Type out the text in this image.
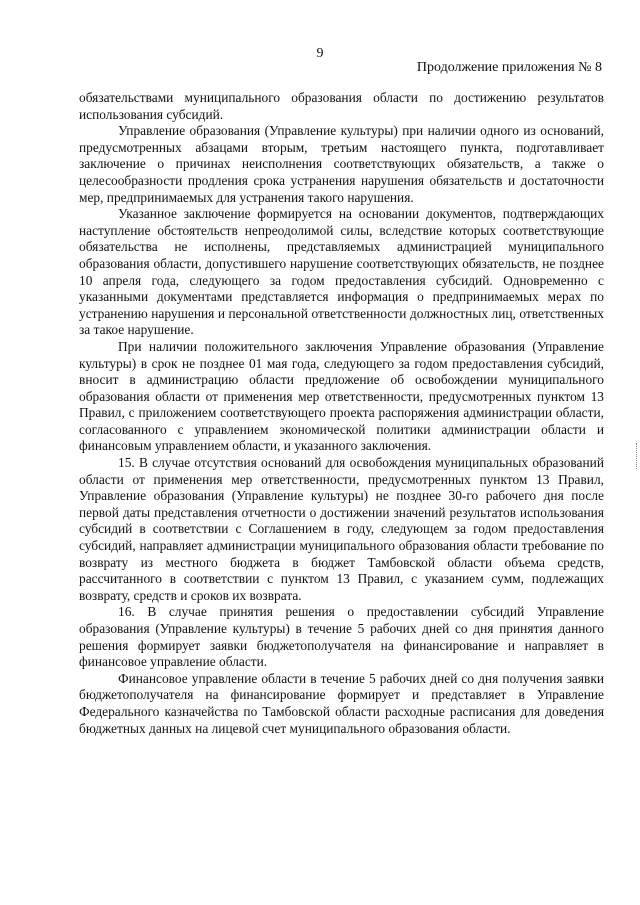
9
Продолжение приложения № 8

обязательствами муниципального образования области по достижению результатов использования субсидий.

Управление образования (Управление культуры) при наличии одного из оснований, предусмотренных абзацами вторым, третьим настоящего пункта, подготавливает заключение о причинах неисполнения соответствующих обязательств, а также о целесообразности продления срока устранения нарушения обязательств и достаточности мер, предпринимаемых для устранения такого нарушения.

Указанное заключение формируется на основании документов, подтверждающих наступление обстоятельств непреодолимой силы, вследствие которых соответствующие обязательства не исполнены, представляемых администрацией муниципального образования области, допустившего нарушение соответствующих обязательств, не позднее 10 апреля года, следующего за годом предоставления субсидий. Одновременно с указанными документами представляется информация о предпринимаемых мерах по устранению нарушения и персональной ответственности должностных лиц, ответственных за такое нарушение.

При наличии положительного заключения Управление образования (Управление культуры) в срок не позднее 01 мая года, следующего за годом предоставления субсидий, вносит в администрацию области предложение об освобождении муниципального образования области от применения мер ответственности, предусмотренных пунктом 13 Правил, с приложением соответствующего проекта распоряжения администрации области, согласованного с управлением экономической политики администрации области и финансовым управлением области, и указанного заключения.

15. В случае отсутствия оснований для освобождения муниципальных образований области от применения мер ответственности, предусмотренных пунктом 13 Правил, Управление образования (Управление культуры) не позднее 30-го рабочего дня после первой даты представления отчетности о достижении значений результатов использования субсидий в соответствии с Соглашением в году, следующем за годом предоставления субсидий, направляет администрации муниципального образования области требование по возврату из местного бюджета в бюджет Тамбовской области объема средств, рассчитанного в соответствии с пунктом 13 Правил, с указанием сумм, подлежащих возврату, средств и сроков их возврата.

16. В случае принятия решения о предоставлении субсидий Управление образования (Управление культуры) в течение 5 рабочих дней со дня принятия данного решения формирует заявки бюджетополучателя на финансирование и направляет в финансовое управление области.

Финансовое управление области в течение 5 рабочих дней со дня получения заявки бюджетополучателя на финансирование формирует и представляет в Управление Федерального казначейства по Тамбовской области расходные расписания для доведения бюджетных данных на лицевой счет муниципального образования области.
